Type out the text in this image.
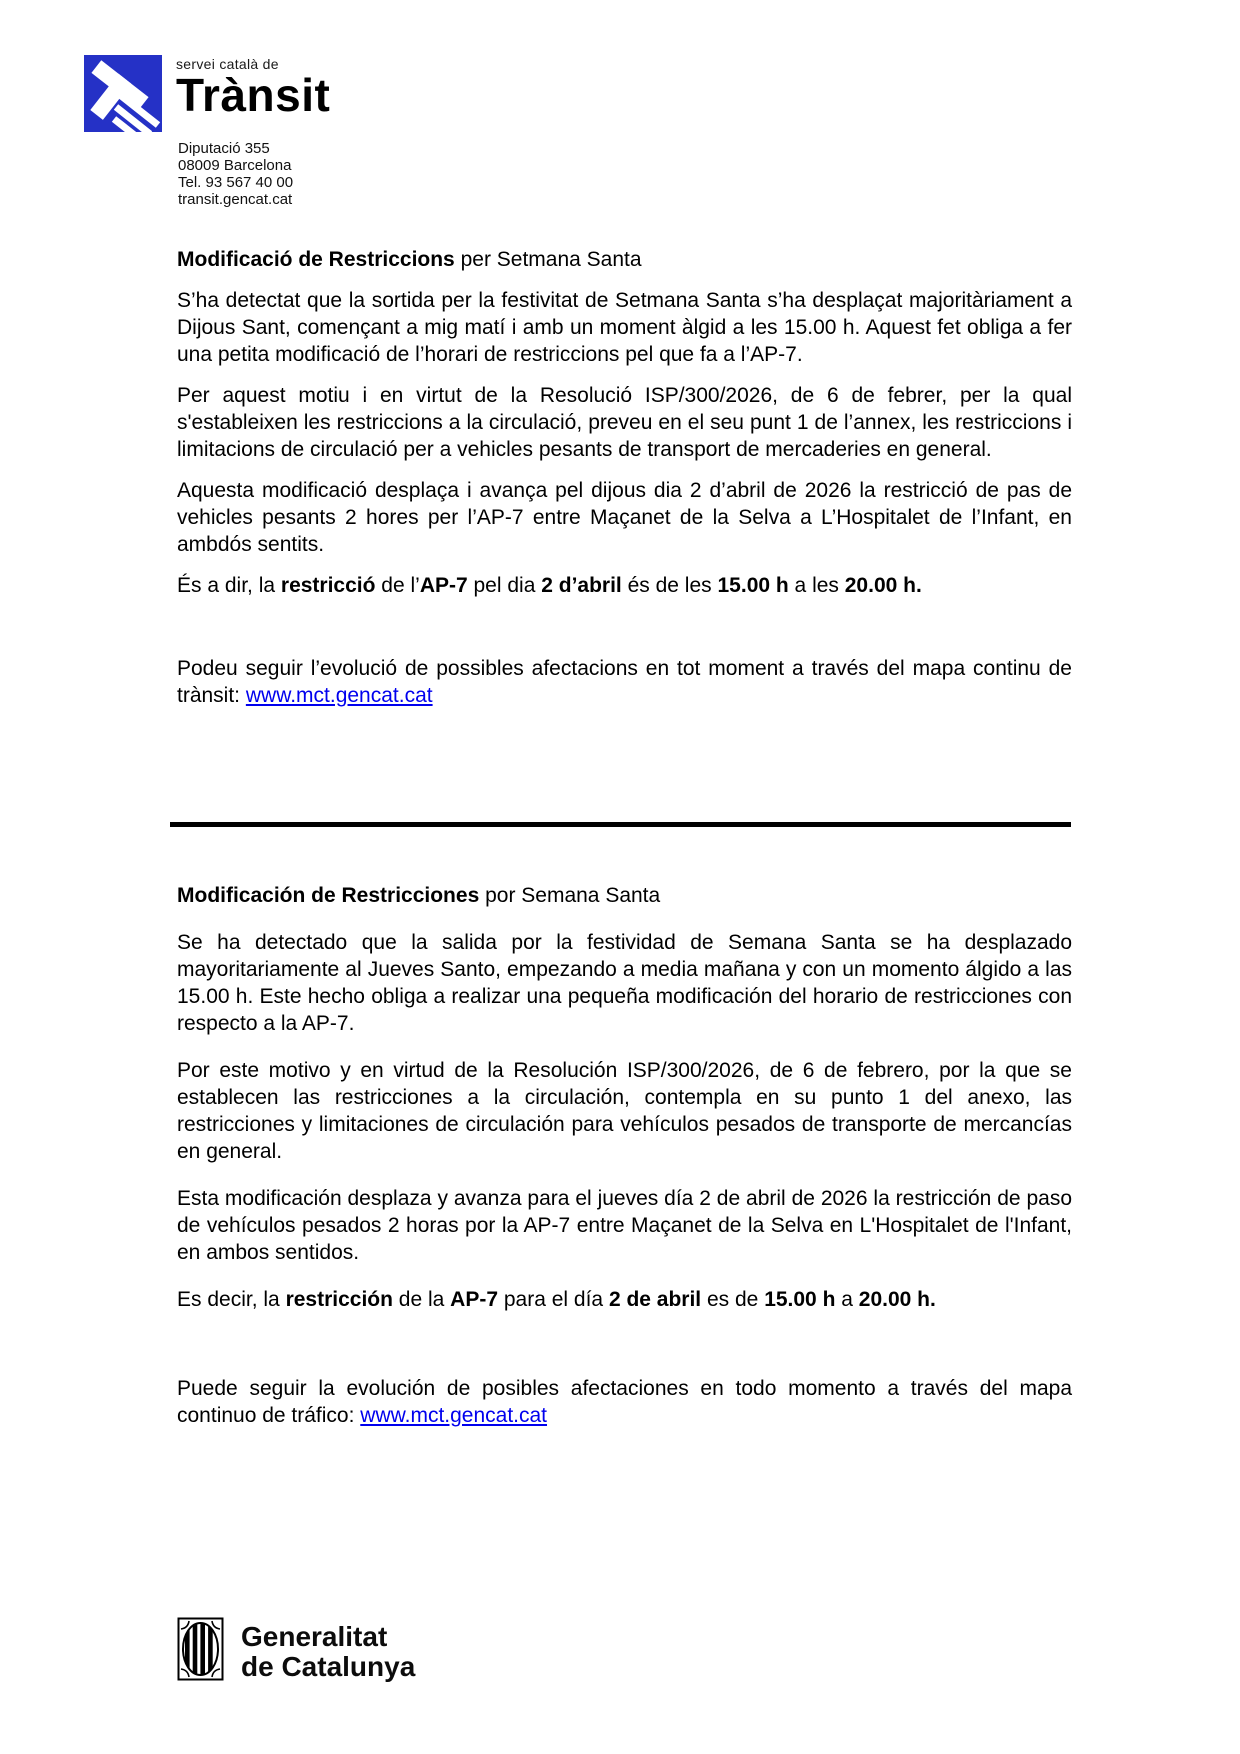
servei català de
Trànsit
Diputació 355
08009 Barcelona
Tel. 93 567 40 00
transit.gencat.cat
Modificació de Restriccions per Setmana Santa

S’ha detectat que la sortida per la festivitat de Setmana Santa s’ha desplaçat majoritàriament a Dijous Sant, començant a mig matí i amb un moment àlgid a les 15.00 h. Aquest fet obliga a fer una petita modificació de l’horari de restriccions pel que fa a l’AP-7.

Per aquest motiu i en virtut de la Resolució ISP/300/2026, de 6 de febrer, per la qual s'estableixen les restriccions a la circulació, preveu en el seu punt 1 de l’annex, les restriccions i limitacions de circulació per a vehicles pesants de transport de mercaderies en general.

Aquesta modificació desplaça i avança pel dijous dia 2 d’abril de 2026 la restricció de pas de vehicles pesants 2 hores per l’AP-7 entre Maçanet de la Selva a L’Hospitalet de l’Infant, en ambdós sentits.

És a dir, la restricció de l’AP-7 pel dia 2 d’abril és de les 15.00 h a les 20.00 h.

Podeu seguir l’evolució de possibles afectacions en tot moment a través del mapa continu de trànsit: www.mct.gencat.cat

Modificación de Restricciones por Semana Santa

Se ha detectado que la salida por la festividad de Semana Santa se ha desplazado mayoritariamente al Jueves Santo, empezando a media mañana y con un momento álgido a las 15.00 h. Este hecho obliga a realizar una pequeña modificación del horario de restricciones con respecto a la AP-7.

Por este motivo y en virtud de la Resolución ISP/300/2026, de 6 de febrero, por la que se establecen las restricciones a la circulación, contempla en su punto 1 del anexo, las restricciones y limitaciones de circulación para vehículos pesados de transporte de mercancías en general.

Esta modificación desplaza y avanza para el jueves día 2 de abril de 2026 la restricción de paso de vehículos pesados 2 horas por la AP-7 entre Maçanet de la Selva en L'Hospitalet de l'Infant, en ambos sentidos.

Es decir, la restricción de la AP-7 para el día 2 de abril es de 15.00 h a 20.00 h.

Puede seguir la evolución de posibles afectaciones en todo momento a través del mapa continuo de tráfico: www.mct.gencat.cat

Generalitat
de Catalunya
